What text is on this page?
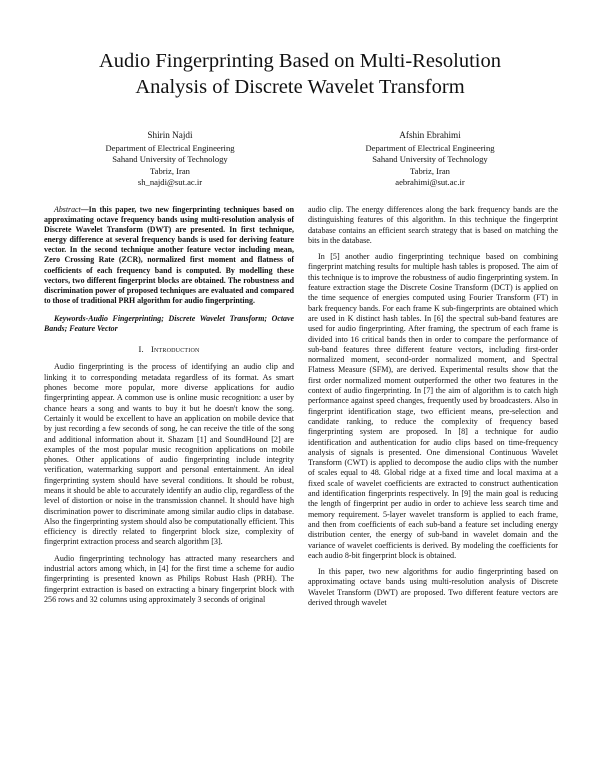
Audio Fingerprinting Based on Multi-Resolution
Analysis of Discrete Wavelet Transform
Shirin Najdi
Department of Electrical Engineering
Sahand University of Technology
Tabriz, Iran
sh_najdi@sut.ac.ir
Afshin Ebrahimi
Department of Electrical Engineering
Sahand University of Technology
Tabriz, Iran
aebrahimi@sut.ac.ir
Abstract—In this paper, two new fingerprinting techniques based on approximating octave frequency bands using multi-resolution analysis of Discrete Wavelet Transform (DWT) are presented. In first technique, energy difference at several frequency bands is used for deriving feature vector. In the second technique another feature vector including mean, Zero Crossing Rate (ZCR), normalized first moment and flatness of coefficients of each frequency band is computed. By modelling these vectors, two different fingerprint blocks are obtained. The robustness and discrimination power of proposed techniques are evaluated and compared to those of traditional PRH algorithm for audio fingerprinting.
Keywords-Audio Fingerprinting; Discrete Wavelet Transform; Octave Bands; Feature Vector
I. Introduction

Audio fingerprinting is the process of identifying an audio clip and linking it to corresponding metadata regardless of its format. As smart phones become more popular, more diverse applications for audio fingerprinting appear. A common use is online music recognition: a user by chance hears a song and wants to buy it but he doesn't know the song. Certainly it would be excellent to have an application on mobile device that by just recording a few seconds of song, he can receive the title of the song and additional information about it. Shazam [1] and SoundHound [2] are examples of the most popular music recognition applications on mobile phones. Other applications of audio fingerprinting include integrity verification, watermarking support and personal entertainment. An ideal fingerprinting system should have several conditions. It should be robust, means it should be able to accurately identify an audio clip, regardless of the level of distortion or noise in the transmission channel. It should have high discrimination power to discriminate among similar audio clips in database. Also the fingerprinting system should also be computationally efficient. This efficiency is directly related to fingerprint block size, complexity of fingerprint extraction process and search algorithm [3].

Audio fingerprinting technology has attracted many researchers and industrial actors among which, in [4] for the first time a scheme for audio fingerprinting is presented known as Philips Robust Hash (PRH). The fingerprint extraction is based on extracting a binary fingerprint block with 256 rows and 32 columns using approximately 3 seconds of original

audio clip. The energy differences along the bark frequency bands are the distinguishing features of this algorithm. In this technique the fingerprint database contains an efficient search strategy that is based on matching the bits in the database.

In [5] another audio fingerprinting technique based on combining fingerprint matching results for multiple hash tables is proposed. The aim of this technique is to improve the robustness of audio fingerprinting system. In feature extraction stage the Discrete Cosine Transform (DCT) is applied on the time sequence of energies computed using Fourier Transform (FT) in bark frequency bands. For each frame K sub-fingerprints are obtained which are used in K distinct hash tables. In [6] the spectral sub-band features are used for audio fingerprinting. After framing, the spectrum of each frame is divided into 16 critical bands then in order to compare the performance of sub-band features three different feature vectors, including first-order normalized moment, second-order normalized moment, and Spectral Flatness Measure (SFM), are derived. Experimental results show that the first order normalized moment outperformed the other two features in the context of audio fingerprinting. In [7] the aim of algorithm is to catch high performance against speed changes, frequently used by broadcasters. Also in fingerprint identification stage, two efficient means, pre-selection and candidate ranking, to reduce the complexity of frequency based fingerprinting system are proposed. In [8] a technique for audio identification and authentication for audio clips based on time-frequency analysis of signals is presented. One dimensional Continuous Wavelet Transform (CWT) is applied to decompose the audio clips with the number of scales equal to 48. Global ridge at a fixed time and local maxima at a fixed scale of wavelet coefficients are extracted to construct authentication and identification fingerprints respectively. In [9] the main goal is reducing the length of fingerprint per audio in order to achieve less search time and memory requirement. 5-layer wavelet transform is applied to each frame, and then from coefficients of each sub-band a feature set including energy distribution center, the energy of sub-band in wavelet domain and the variance of wavelet coefficients is derived. By modeling the coefficients for each audio 8-bit fingerprint block is obtained.

In this paper, two new algorithms for audio fingerprinting based on approximating octave bands using multi-resolution analysis of Discrete Wavelet Transform (DWT) are proposed. Two different feature vectors are derived through wavelet
